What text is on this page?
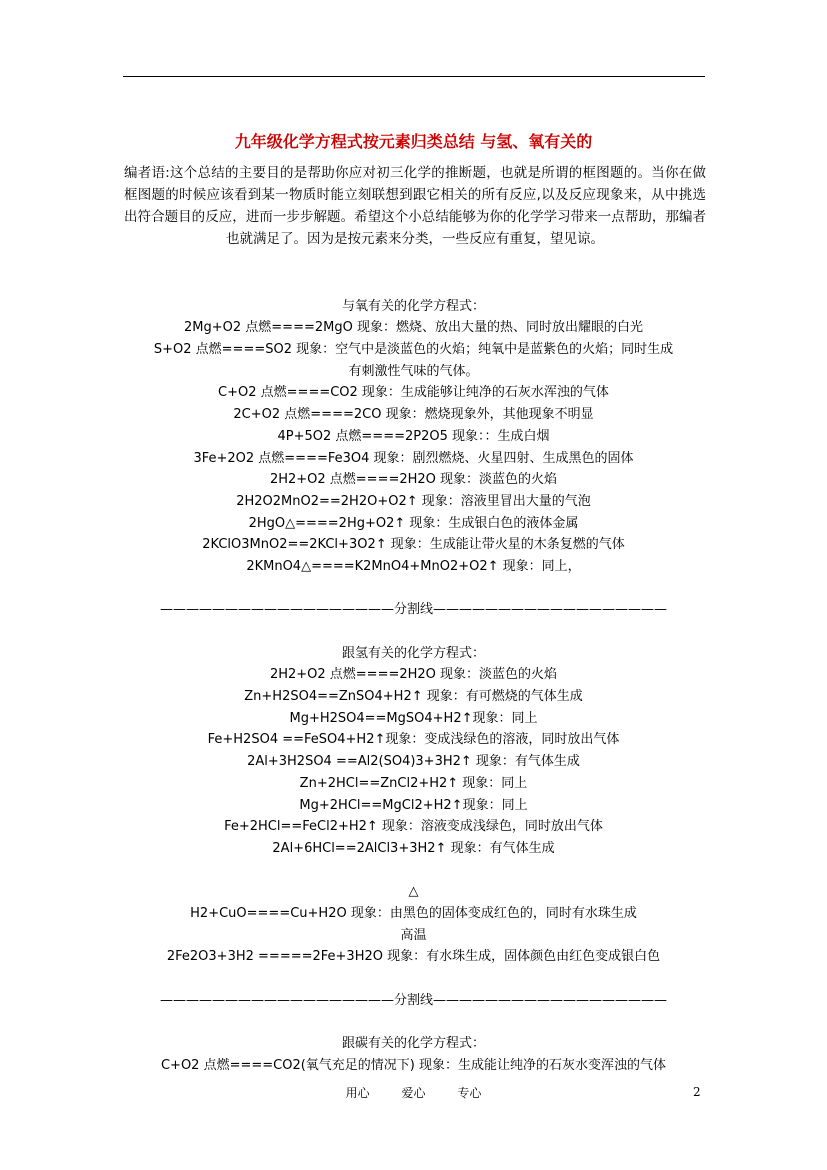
九年级化学方程式按元素归类总结 与氢、氧有关的
编者语:这个总结的主要目的是帮助你应对初三化学的推断题，也就是所谓的框图题的。当你在做框图题的时候应该看到某一物质时能立刻联想到跟它相关的所有反应,以及反应现象来，从中挑选出符合题目的反应，进而一步步解题。希望这个小总结能够为你的化学学习带来一点帮助，那编者也就满足了。因为是按元素来分类，一些反应有重复，望见谅。
与氧有关的化学方程式：
2Mg+O2 点燃====2MgO 现象：燃烧、放出大量的热、同时放出耀眼的白光
S+O2 点燃====SO2 现象：空气中是淡蓝色的火焰；纯氧中是蓝紫色的火焰；同时生成
有刺激性气味的气体。
C+O2 点燃====CO2 现象：生成能够让纯净的石灰水浑浊的气体
2C+O2 点燃====2CO 现象：燃烧现象外，其他现象不明显
4P+5O2 点燃====2P2O5 现象：：生成白烟
3Fe+2O2 点燃====Fe3O4 现象：剧烈燃烧、火星四射、生成黑色的固体
2H2+O2 点燃====2H2O 现象：淡蓝色的火焰
2H2O2MnO2==2H2O+O2↑ 现象：溶液里冒出大量的气泡
2HgO△====2Hg+O2↑ 现象：生成银白色的液体金属
2KClO3MnO2==2KCl+3O2↑ 现象：生成能让带火星的木条复燃的气体
2KMnO4△====K2MnO4+MnO2+O2↑ 现象：同上，
——————————————————分割线——————————————————
跟氢有关的化学方程式：
2H2+O2 点燃====2H2O 现象：淡蓝色的火焰
Zn+H2SO4==ZnSO4+H2↑ 现象：有可燃烧的气体生成
Mg+H2SO4==MgSO4+H2↑现象：同上
Fe+H2SO4 ==FeSO4+H2↑现象：变成浅绿色的溶液，同时放出气体
2Al+3H2SO4 ==Al2(SO4)3+3H2↑ 现象：有气体生成
Zn+2HCl==ZnCl2+H2↑ 现象：同上
Mg+2HCl==MgCl2+H2↑现象：同上
Fe+2HCl==FeCl2+H2↑ 现象：溶液变成浅绿色，同时放出气体
2Al+6HCl==2AlCl3+3H2↑ 现象：有气体生成
△
H2+CuO====Cu+H2O 现象：由黑色的固体变成红色的，同时有水珠生成
高温
2Fe2O3+3H2 =====2Fe+3H2O 现象：有水珠生成，固体颜色由红色变成银白色
——————————————————分割线——————————————————
跟碳有关的化学方程式：
C+O2 点燃====CO2(氧气充足的情况下) 现象：生成能让纯净的石灰水变浑浊的气体
用心	爱心	专心	2
